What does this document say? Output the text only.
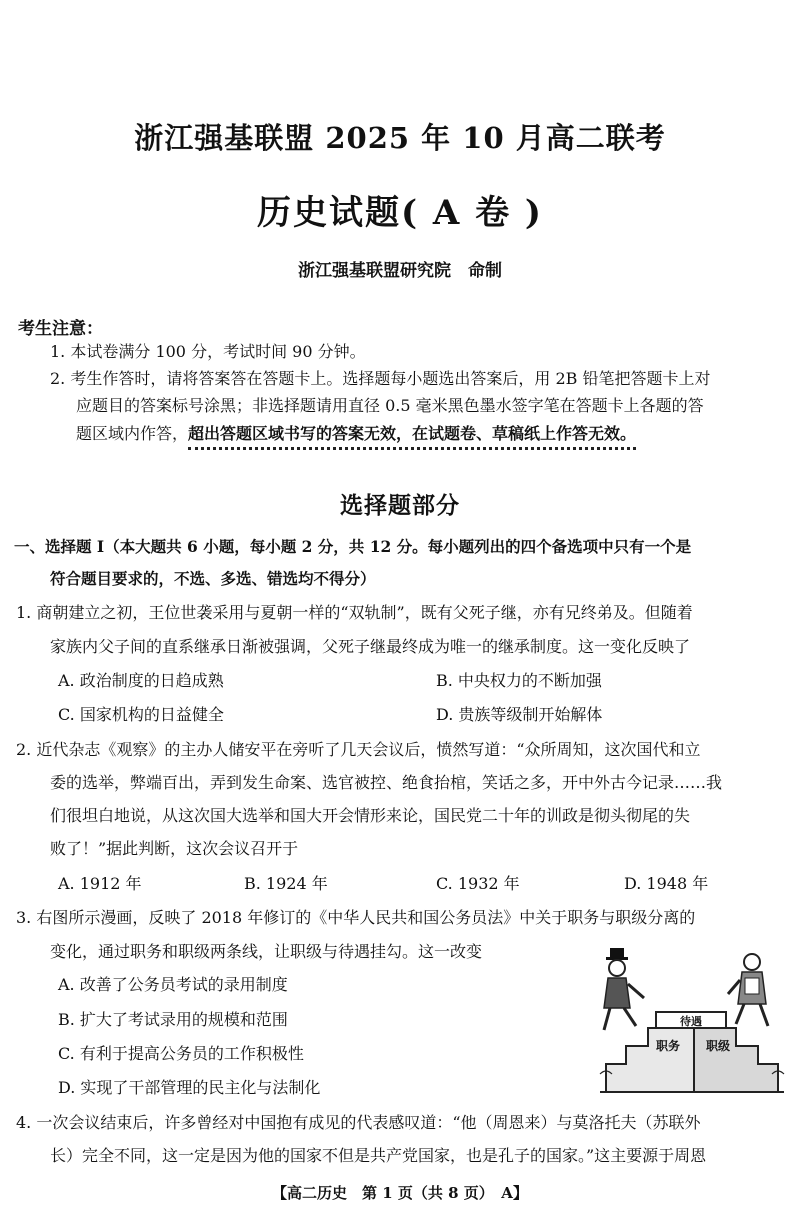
浙江强基联盟 2025 年 10 月高二联考
历史试题( A 卷 )
浙江强基联盟研究院　命制
考生注意：
1. 本试卷满分 100 分，考试时间 90 分钟。
2. 考生作答时，请将答案答在答题卡上。选择题每小题选出答案后，用 2B 铅笔把答题卡上对
应题目的答案标号涂黑；非选择题请用直径 0.5 毫米黑色墨水签字笔在答题卡上各题的答
题区域内作答，超出答题区域书写的答案无效，在试题卷、草稿纸上作答无效。
选择题部分
一、选择题 Ⅰ（本大题共 6 小题，每小题 2 分，共 12 分。每小题列出的四个备选项中只有一个是
符合题目要求的，不选、多选、错选均不得分）
1. 商朝建立之初，王位世袭采用与夏朝一样的“双轨制”，既有父死子继，亦有兄终弟及。但随着
家族内父子间的直系继承日渐被强调，父死子继最终成为唯一的继承制度。这一变化反映了
A. 政治制度的日趋成熟	B. 中央权力的不断加强
C. 国家机构的日益健全	D. 贵族等级制开始解体
2. 近代杂志《观察》的主办人储安平在旁听了几天会议后，愤然写道：“众所周知，这次国代和立
委的选举，弊端百出，弄到发生命案、选官被控、绝食抬棺，笑话之多，开中外古今记录……我
们很坦白地说，从这次国大选举和国大开会情形来论，国民党二十年的训政是彻头彻尾的失
败了！”据此判断，这次会议召开于
A. 1912 年	B. 1924 年	C. 1932 年	D. 1948 年
3. 右图所示漫画，反映了 2018 年修订的《中华人民共和国公务员法》中关于职务与职级分离的
变化，通过职务和职级两条线，让职级与待遇挂勾。这一改变
A. 改善了公务员考试的录用制度
B. 扩大了考试录用的规模和范围
C. 有利于提高公务员的工作积极性
D. 实现了干部管理的民主化与法制化
待遇
职务 职级
4. 一次会议结束后，许多曾经对中国抱有成见的代表感叹道：“他（周恩来）与莫洛托夫（苏联外
长）完全不同，这一定是因为他的国家不但是共产党国家，也是孔子的国家。”这主要源于周恩
【高二历史　第 1 页（共 8 页）　A】
